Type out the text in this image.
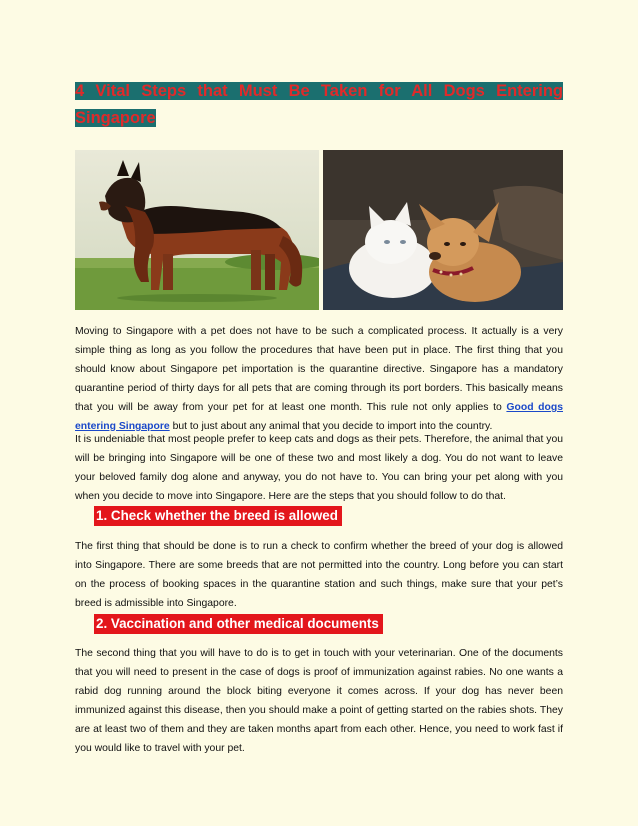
4 Vital Steps that Must Be Taken for All Dogs Entering Singapore

Moving to Singapore with a pet does not have to be such a complicated process. It actually is a very simple thing as long as you follow the procedures that have been put in place. The first thing that you should know about Singapore pet importation is the quarantine directive. Singapore has a mandatory quarantine period of thirty days for all pets that are coming through its port borders. This basically means that you will be away from your pet for at least one month. This rule not only applies to Good dogs entering Singapore but to just about any animal that you decide to import into the country.

It is undeniable that most people prefer to keep cats and dogs as their pets. Therefore, the animal that you will be bringing into Singapore will be one of these two and most likely a dog. You do not want to leave your beloved family dog alone and anyway, you do not have to. You can bring your pet along with you when you decide to move into Singapore. Here are the steps that you should follow to do that.

1. Check whether the breed is allowed

The first thing that should be done is to run a check to confirm whether the breed of your dog is allowed into Singapore. There are some breeds that are not permitted into the country. Long before you can start on the process of booking spaces in the quarantine station and such things, make sure that your pet’s breed is admissible into Singapore.

2. Vaccination and other medical documents

The second thing that you will have to do is to get in touch with your veterinarian. One of the documents that you will need to present in the case of dogs is proof of immunization against rabies. No one wants a rabid dog running around the block biting everyone it comes across. If your dog has never been immunized against this disease, then you should make a point of getting started on the rabies shots. They are at least two of them and they are taken months apart from each other. Hence, you need to work fast if you would like to travel with your pet.
